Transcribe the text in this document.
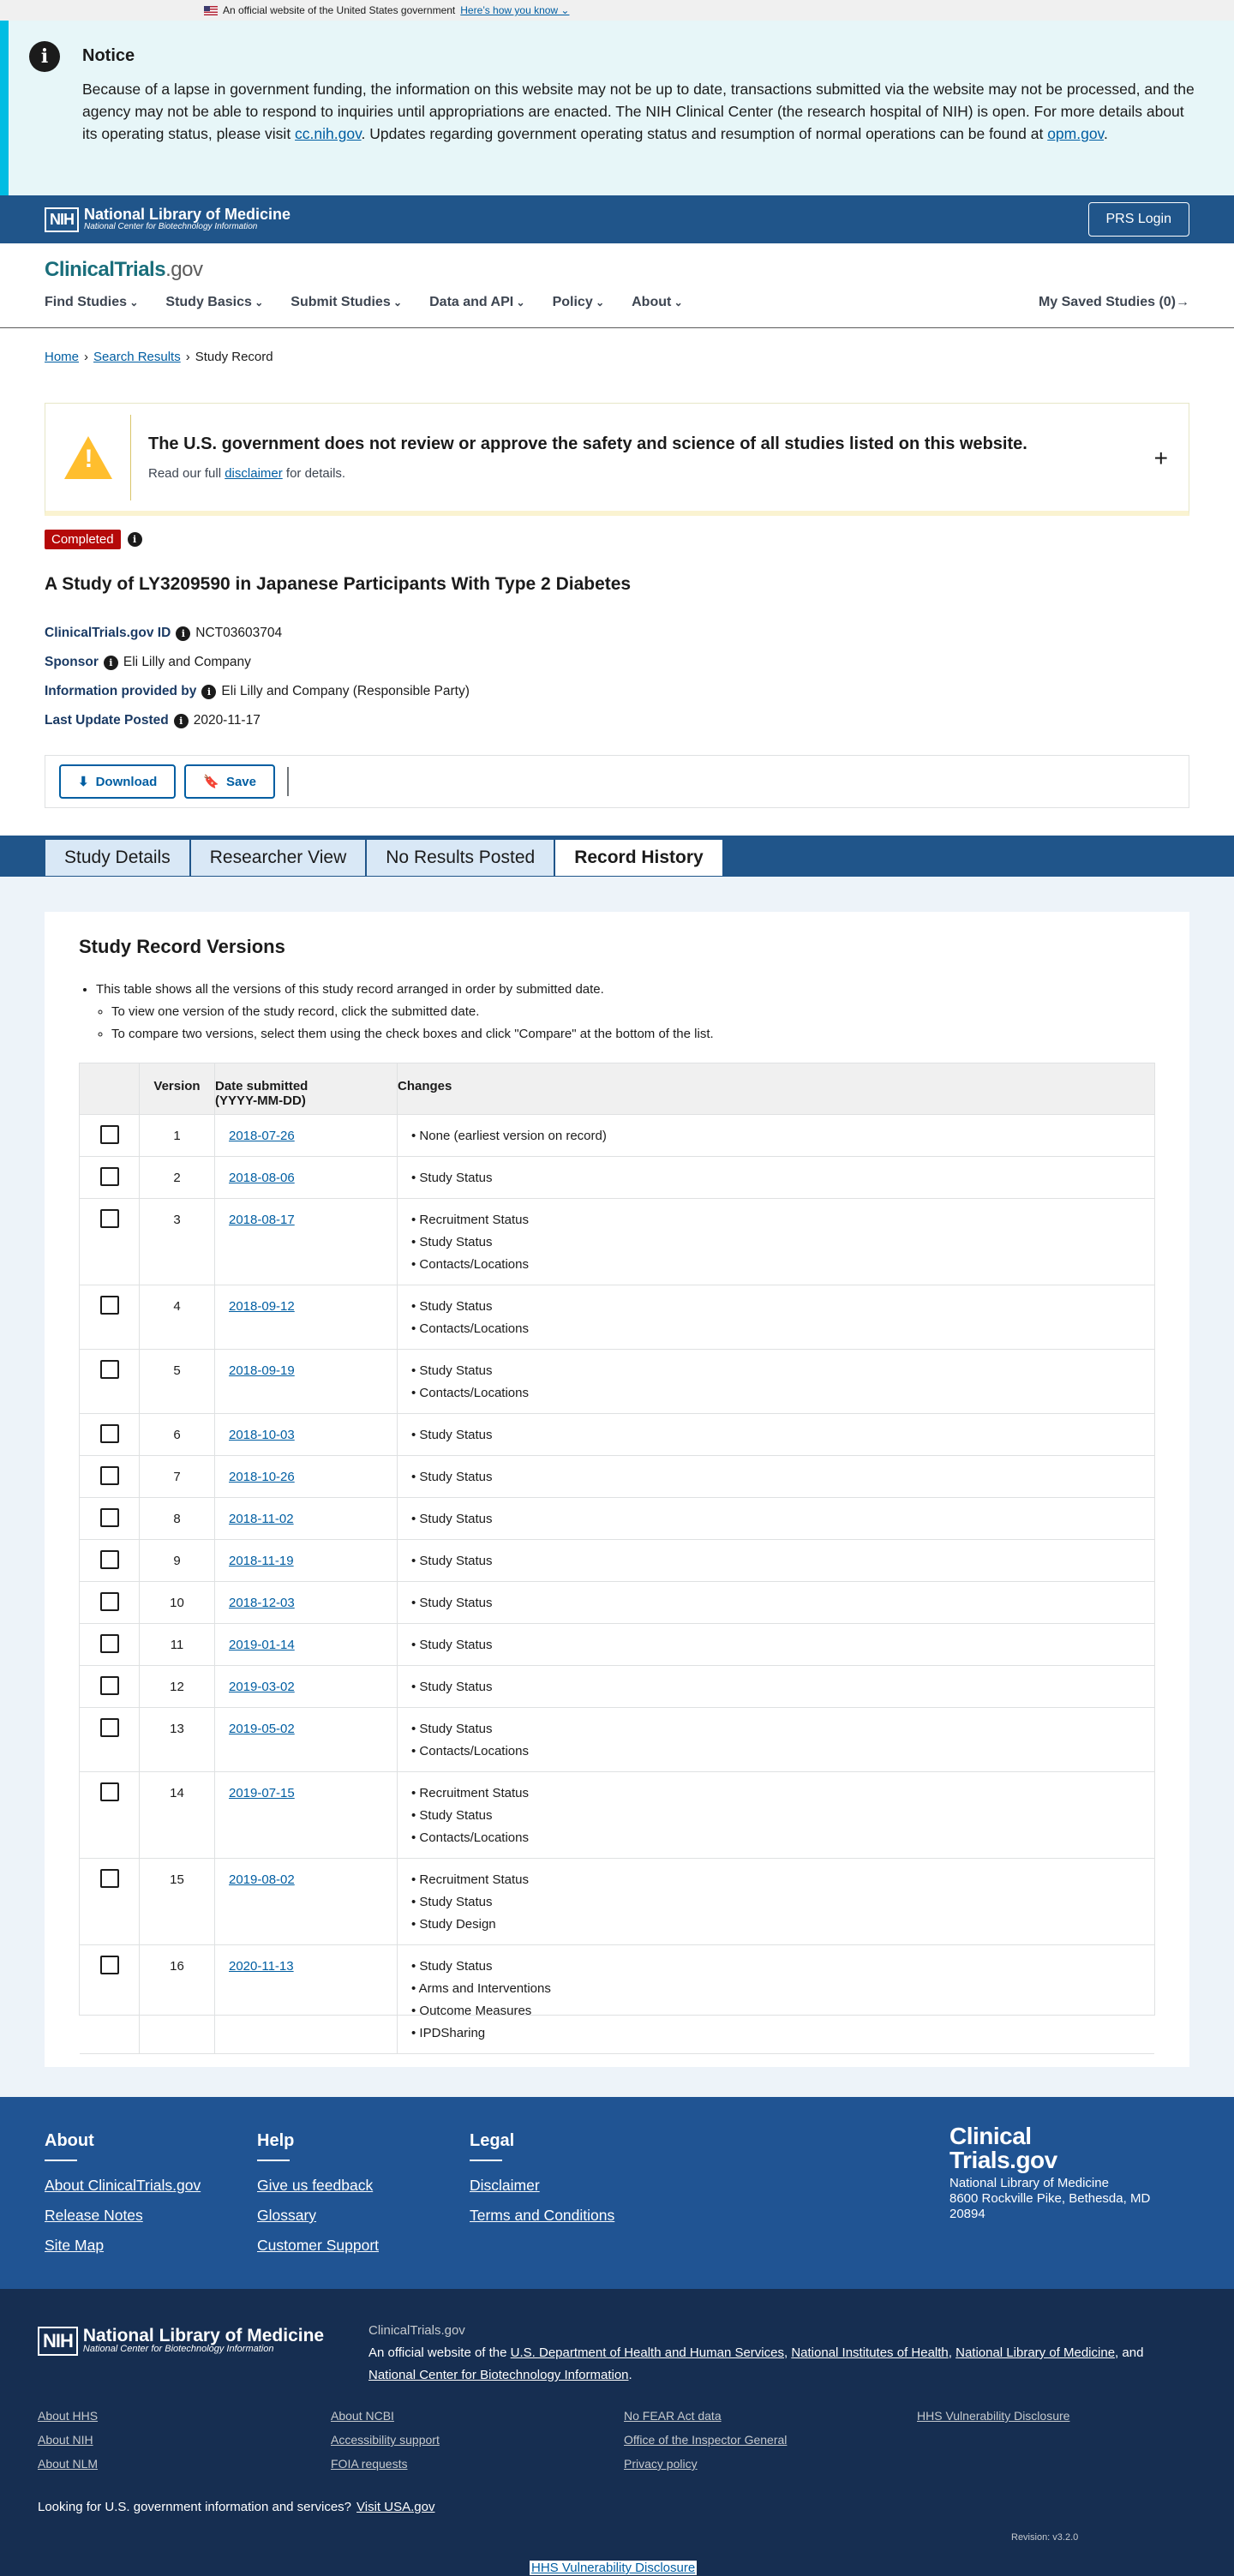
An official website of the United States government Here’s how you know ⌄
i	Notice

Because of a lapse in government funding, the information on this website may not be up to date, transactions submitted via the website may not be processed, and the agency may not be able to respond to inquiries until appropriations are enacted. The NIH Clinical Center (the research hospital of NIH) is open. For more details about its operating status, please visit cc.nih.gov. Updates regarding government operating status and resumption of normal operations can be found at opm.gov.

NIH National Library of Medicine
National Center for Biotechnology Information
PRS Login
ClinicalTrials.gov
Find Studies ⌄	Study Basics ⌄	Submit Studies ⌄	Data and API ⌄	Policy ⌄	About ⌄	My Saved Studies (0)→
Home › Search Results › Study Record
!
The U.S. government does not review or approve the safety and science of all studies listed on this website.

Read our full disclaimer for details.

+
Completed	i
A Study of LY3209590 in Japanese Participants With Type 2 Diabetes
ClinicalTrials.gov ID	i NCT03603704
Sponsor	i Eli Lilly and Company
Information provided by	i Eli Lilly and Company (Responsible Party)
Last Update Posted	i 2020-11-17
⬇ Download	🔖 Save
Study Details	Researcher View	No Results Posted	Record History
Study Record Versions
• This table shows all the versions of this study record arranged in order by submitted date.
◦ To view one version of the study record, click the submitted date.
◦ To compare two versions, select them using the check boxes and click "Compare" at the bottom of the list.
Version	Date submitted
(YYYY-MM-DD)
Changes
1	2018-07-26	• None (earliest version on record)
2	2018-08-06	• Study Status
3	2018-08-17	• Recruitment Status
• Study Status
• Contacts/Locations
4	2018-09-12	• Study Status
• Contacts/Locations
5	2018-09-19	• Study Status
• Contacts/Locations
6	2018-10-03	• Study Status
7	2018-10-26	• Study Status
8	2018-11-02	• Study Status
9	2018-11-19	• Study Status
10	2018-12-03	• Study Status
11	2019-01-14	• Study Status
12	2019-03-02	• Study Status
13	2019-05-02	• Study Status
• Contacts/Locations
14	2019-07-15	• Recruitment Status
• Study Status
• Contacts/Locations
15	2019-08-02	• Recruitment Status
• Study Status
• Study Design
16	2020-11-13	• Study Status
• Arms and Interventions
• Outcome Measures
• IPDSharing
About
About ClinicalTrials.gov
Release Notes
Site Map
Help
Give us feedback
Glossary
Customer Support
Legal
Disclaimer
Terms and Conditions
Clinical
Trials.gov
National Library of Medicine
8600 Rockville Pike, Bethesda, MD
20894
NIH National Library of Medicine
National Center for Biotechnology Information
ClinicalTrials.gov
An official website of the U.S. Department of Health and Human Services, National Institutes of Health, National Library of Medicine, and National Center for Biotechnology Information.
About HHS	About NCBI	No FEAR Act data	HHS Vulnerability Disclosure
About NIH	Accessibility support	Office of the Inspector General
About NLM	FOIA requests	Privacy policy
Looking for U.S. government information and services? Visit USA.gov
Revision: v3.2.0
HHS Vulnerability Disclosure
